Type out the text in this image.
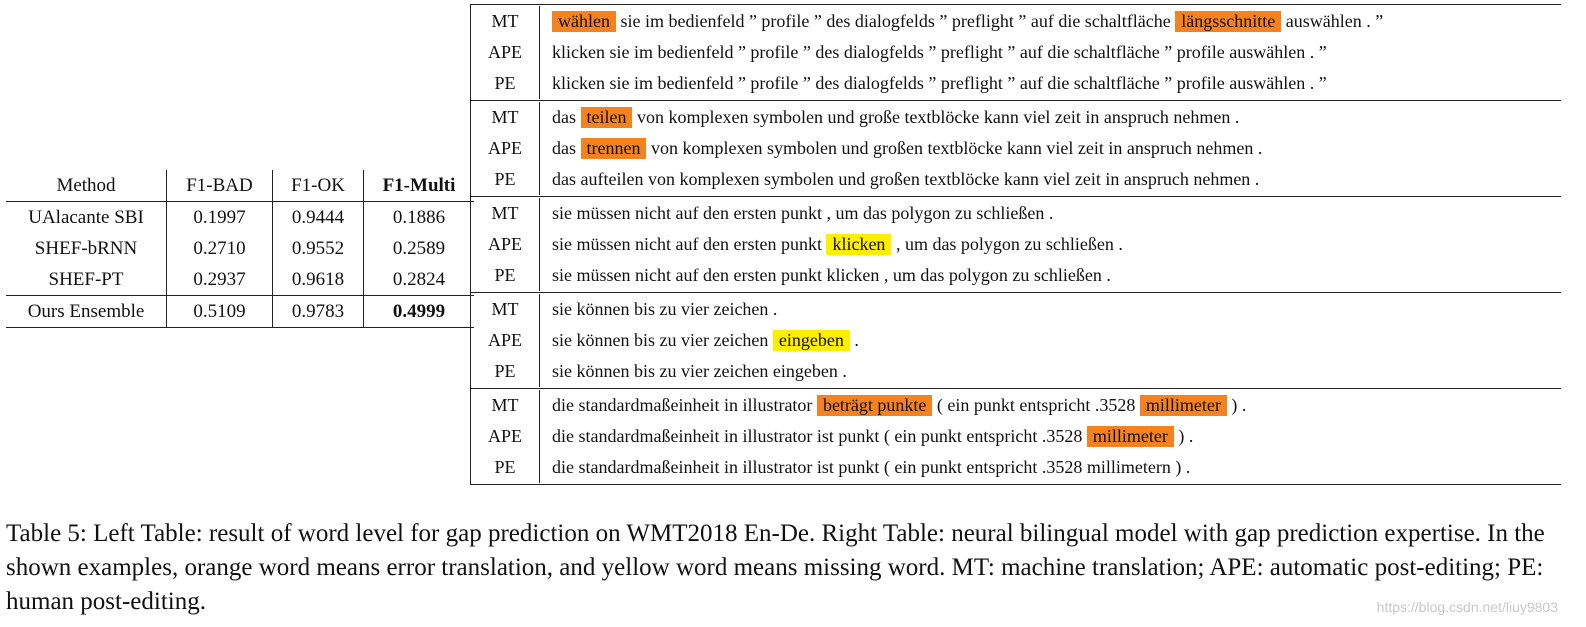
Method	F1-BAD	F1-OK	F1-Multi
UAlacante SBI	0.1997	0.9444	0.1886
SHEF-bRNN	0.2710	0.9552	0.2589
SHEF-PT	0.2937	0.9618	0.2824
Ours Ensemble	0.5109	0.9783	0.4999
MT	wählen sie im bedienfeld ” profile ” des dialogfelds ” preflight ” auf die schaltfläche längsschnitte auswählen . ”
APE	klicken sie im bedienfeld ” profile ” des dialogfelds ” preflight ” auf die schaltfläche ” profile auswählen . ”
PE	klicken sie im bedienfeld ” profile ” des dialogfelds ” preflight ” auf die schaltfläche ” profile auswählen . ”
MT	das teilen von komplexen symbolen und große textblöcke kann viel zeit in anspruch nehmen .
APE	das trennen von komplexen symbolen und großen textblöcke kann viel zeit in anspruch nehmen .
PE	das aufteilen von komplexen symbolen und großen textblöcke kann viel zeit in anspruch nehmen .
MT	sie müssen nicht auf den ersten punkt , um das polygon zu schließen .
APE	sie müssen nicht auf den ersten punkt klicken , um das polygon zu schließen .
PE	sie müssen nicht auf den ersten punkt klicken , um das polygon zu schließen .
MT	sie können bis zu vier zeichen .
APE	sie können bis zu vier zeichen eingeben .
PE	sie können bis zu vier zeichen eingeben .
MT	die standardmaßeinheit in illustrator beträgt punkte ( ein punkt entspricht .3528 millimeter ) .
APE	die standardmaßeinheit in illustrator ist punkt ( ein punkt entspricht .3528 millimeter ) .
PE	die standardmaßeinheit in illustrator ist punkt ( ein punkt entspricht .3528 millimetern ) .
Table 5: Left Table: result of word level for gap prediction on WMT2018 En-De. Right Table: neural bilingual model with gap prediction expertise. In the shown examples, orange word means error translation, and yellow word means missing word. MT: machine translation; APE: automatic post-editing; PE: human post-editing.	https://blog.csdn.net/liuy9803
